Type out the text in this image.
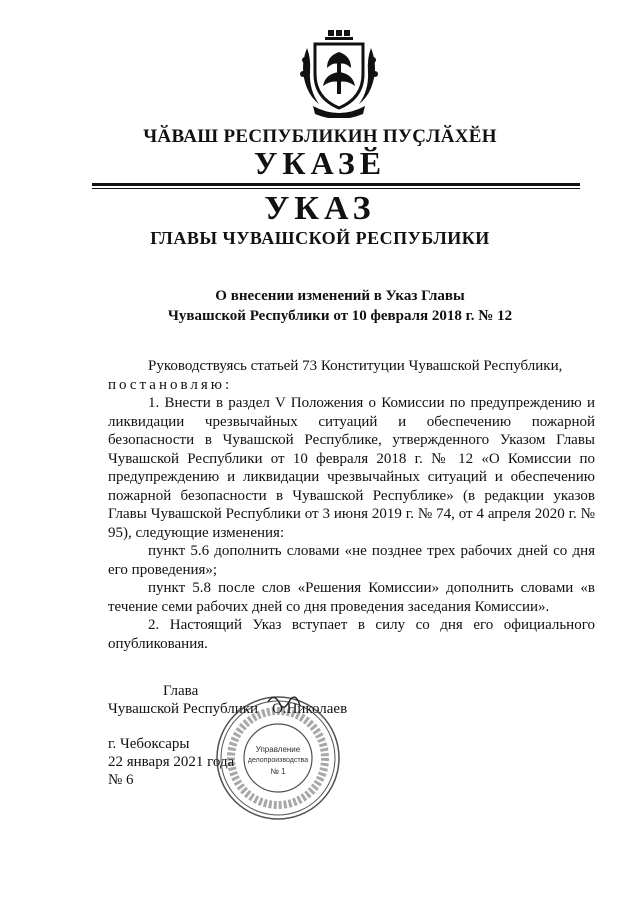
ЧӐВАШ РЕСПУБЛИКИН ПУҪЛӐХӖН
УКАЗӖ
УКАЗ
ГЛАВЫ ЧУВАШСКОЙ РЕСПУБЛИКИ
О внесении изменений в Указ Главы
Чувашской Республики от 10 февраля 2018 г. № 12

Руководствуясь статьей 73 Конституции Чувашской Республики,

постановляю:

1. Внести в раздел V Положения о Комиссии по предупреждению и ликвидации чрезвычайных ситуаций и обеспечению пожарной безопасности в Чувашской Республике, утвержденного Указом Главы Чувашской Республики от 10 февраля 2018 г. № 12 «О Комиссии по предупреждению и ликвидации чрезвычайных ситуаций и обеспечению пожарной безопасности в Чувашской Республике» (в редакции указов Главы Чувашской Республики от 3 июня 2019 г. № 74, от 4 апреля 2020 г. № 95), следующие изменения:

пункт 5.6 дополнить словами «не позднее трех рабочих дней со дня его проведения»;

пункт 5.8 после слов «Решения Комиссии» дополнить словами «в течение семи рабочих дней со дня проведения заседания Комиссии».

2. Настоящий Указ вступает в силу со дня его официального опубликования.

Глава
Чувашской Республики О.Николаев
г. Чебоксары
22 января 2021 года
№ 6
Управление
делопроизводства
№ 1
